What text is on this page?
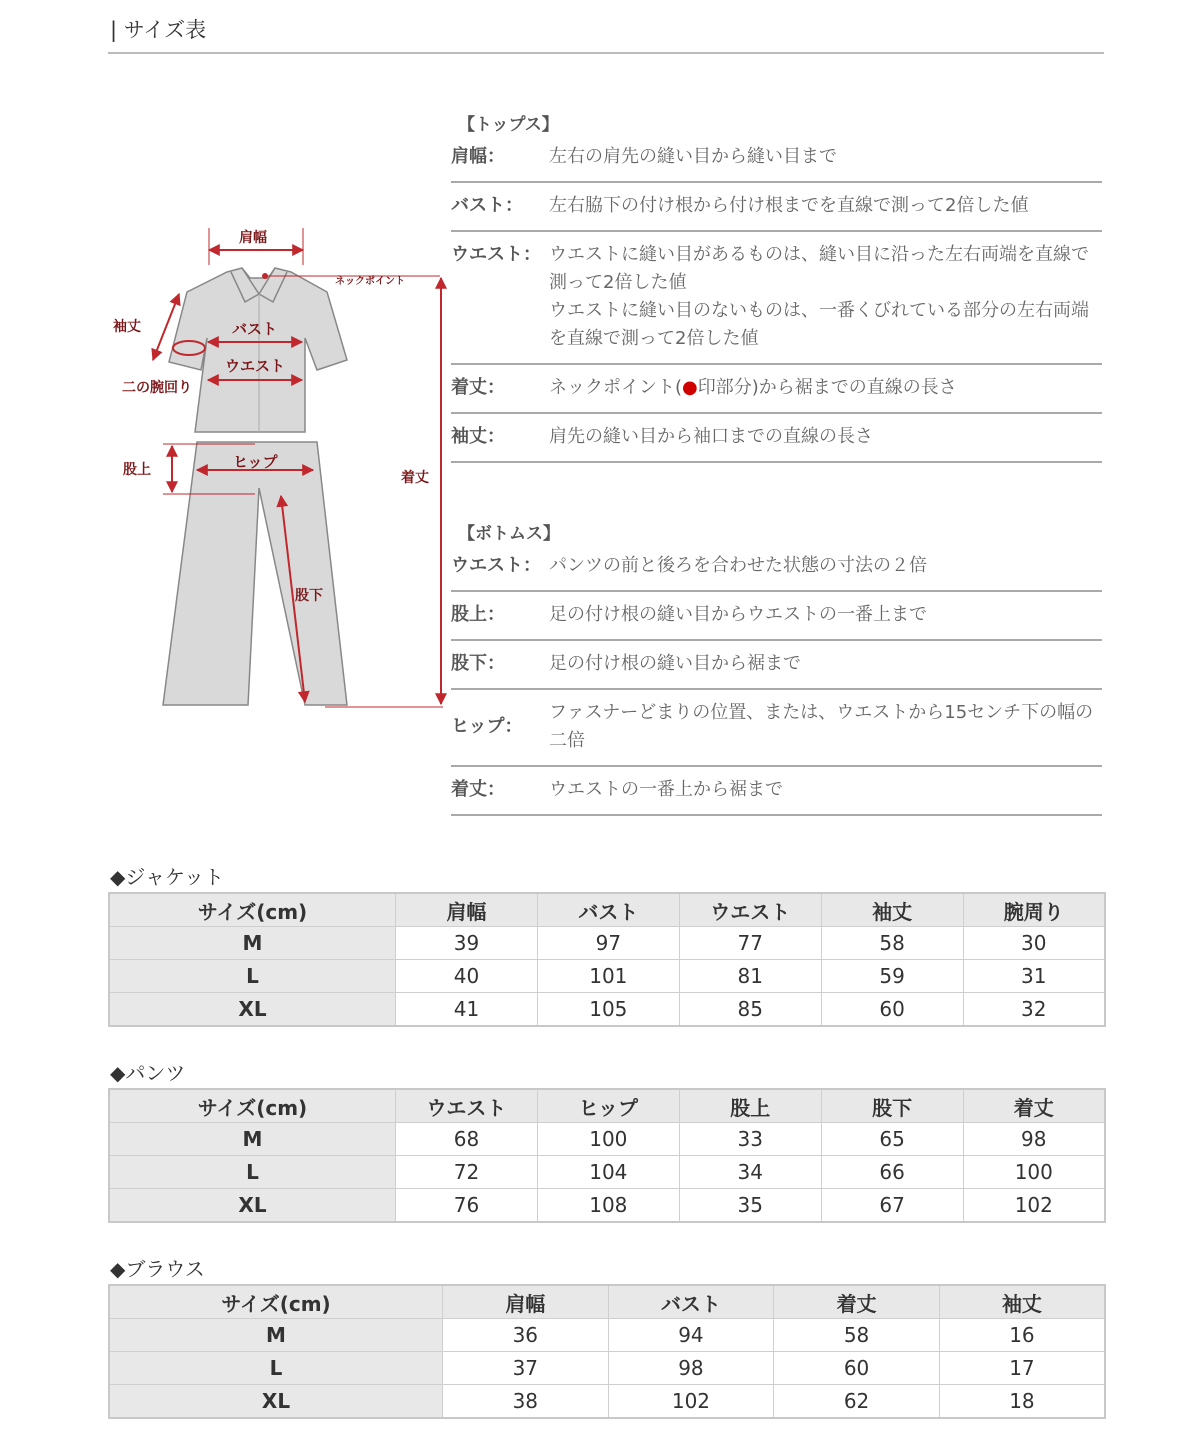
| サイズ表
肩幅
ネックポイント
袖丈	バスト
ウエスト
二の腕回り
股上	ヒップ
着丈
股下
【トップス】
肩幅：	左右の肩先の縫い目から縫い目まで
バスト：	左右脇下の付け根から付け根までを直線で測って2倍した値
ウエスト： ウエストに縫い目があるものは、縫い目に沿った左右両端を直線で
測って2倍した値
ウエストに縫い目のないものは、一番くびれている部分の左右両端
を直線で測って2倍した値
着丈：	ネックポイント(●印部分)から裾までの直線の長さ
袖丈：	肩先の縫い目から袖口までの直線の長さ
【ボトムス】
ウエスト： パンツの前と後ろを合わせた状態の寸法の２倍
股上：	足の付け根の縫い目からウエストの一番上まで
股下：	足の付け根の縫い目から裾まで
ヒップ：
ファスナーどまりの位置、または、ウエストから15センチ下の幅の
二倍
着丈：	ウエストの一番上から裾まで
◆ジャケット
サイズ(cm)	肩幅	バスト	ウエスト	袖丈	腕周り
M	39	97	77	58	30
L	40	101	81	59	31
XL	41	105	85	60	32
◆パンツ
サイズ(cm)	ウエスト	ヒップ	股上	股下	着丈
M	68	100	33	65	98
L	72	104	34	66	100
XL	76	108	35	67	102
◆ブラウス
サイズ(cm)	肩幅	バスト	着丈	袖丈
M	36	94	58	16
L	37	98	60	17
XL	38	102	62	18
